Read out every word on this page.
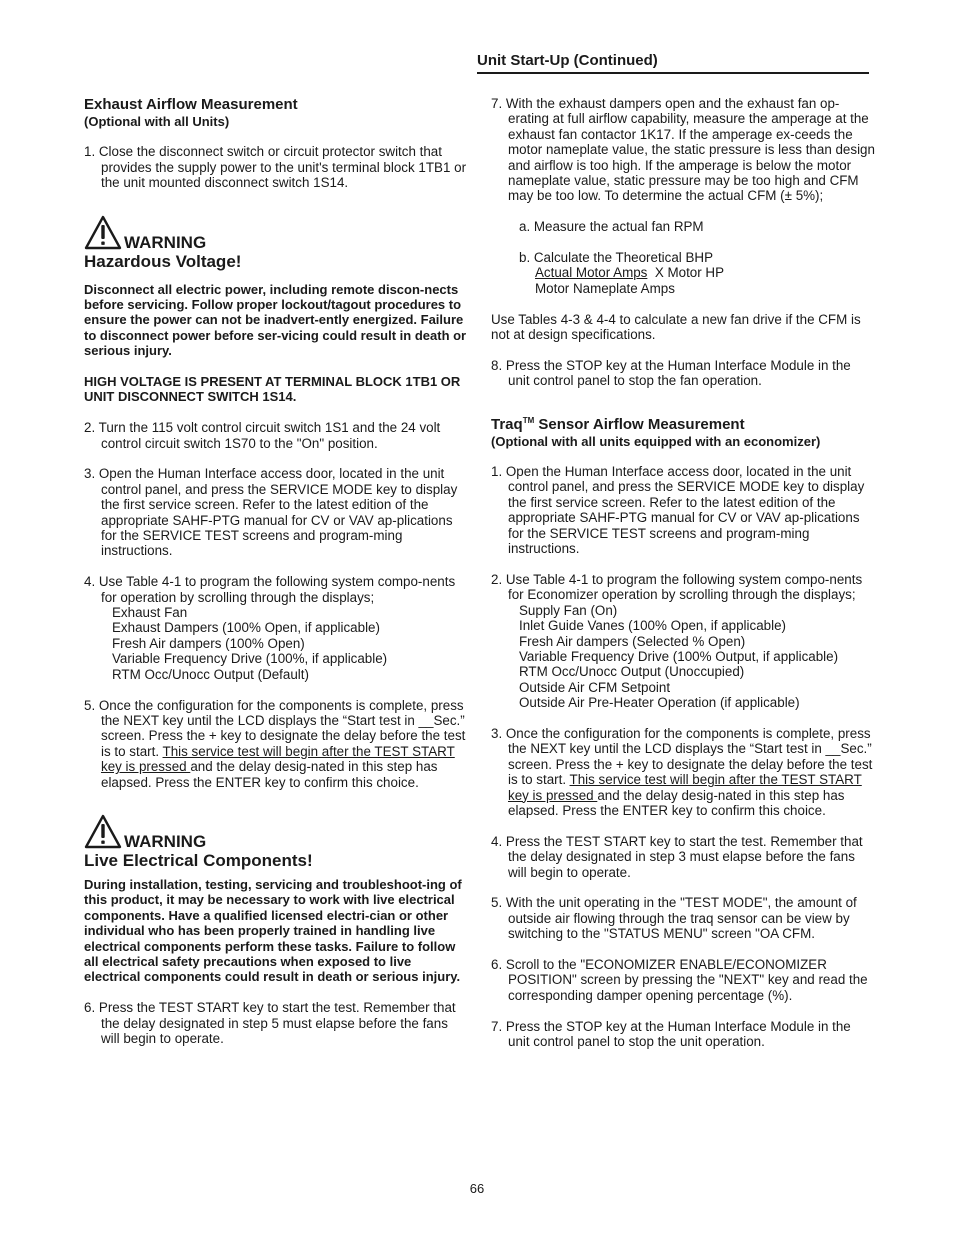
Unit Start-Up (Continued)
Exhaust Airflow Measurement
(Optional with all Units)

1. Close the disconnect switch or circuit protector switch that provides the supply power to the unit's terminal block 1TB1 or the unit mounted disconnect switch 1S14.

WARNING
Hazardous Voltage!

Disconnect all electric power, including remote discon-nects before servicing. Follow proper lockout/tagout procedures to ensure the power can not be inadvert-ently energized. Failure to disconnect power before ser-vicing could result in death or serious injury.

HIGH VOLTAGE IS PRESENT AT TERMINAL BLOCK 1TB1 OR UNIT DISCONNECT SWITCH 1S14.

2. Turn the 115 volt control circuit switch 1S1 and the 24 volt control circuit switch 1S70 to the "On" position.

3. Open the Human Interface access door, located in the unit control panel, and press the SERVICE MODE key to display the first service screen. Refer to the latest edition of the appropriate SAHF-PTG manual for CV or VAV ap-plications for the SERVICE TEST screens and program-ming instructions.

4. Use Table 4-1 to program the following system compo-nents for operation by scrolling through the displays;

Exhaust Fan
Exhaust Dampers (100% Open, if applicable)
Fresh Air dampers (100% Open)
Variable Frequency Drive (100%, if applicable)
RTM Occ/Unocc Output (Default)

5. Once the configuration for the components is complete, press the NEXT key until the LCD displays the “Start test in __Sec.” screen. Press the + key to designate the delay before the test is to start. This service test will begin after the TEST START key is pressed and the delay desig-nated in this step has elapsed. Press the ENTER key to confirm this choice.

WARNING
Live Electrical Components!

During installation, testing, servicing and troubleshoot-ing of this product, it may be necessary to work with live electrical components. Have a qualified licensed electri-cian or other individual who has been properly trained in handling live electrical components perform these tasks. Failure to follow all electrical safety precautions when exposed to live electrical components could result in death or serious injury.

6. Press the TEST START key to start the test. Remember that the delay designated in step 5 must elapse before the fans will begin to operate.

7. With the exhaust dampers open and the exhaust fan op-erating at full airflow capability, measure the amperage at the exhaust fan contactor 1K17. If the amperage ex-ceeds the motor nameplate value, the static pressure is less than design and airflow is too high. If the amperage is below the motor nameplate value, static pressure may be too high and CFM may be too low. To determine the actual CFM (± 5%);

a. Measure the actual fan RPM
b. Calculate the Theoretical BHP
Actual Motor Amps X Motor HP
Motor Nameplate Amps

Use Tables 4-3 & 4-4 to calculate a new fan drive if the CFM is not at design specifications.

8. Press the STOP key at the Human Interface Module in the unit control panel to stop the fan operation.

Traq™ Sensor Airflow Measurement
(Optional with all units equipped with an economizer)

1. Open the Human Interface access door, located in the unit control panel, and press the SERVICE MODE key to display the first service screen. Refer to the latest edition of the appropriate SAHF-PTG manual for CV or VAV ap-plications for the SERVICE TEST screens and program-ming instructions.

2. Use Table 4-1 to program the following system compo-nents for Economizer operation by scrolling through the displays;

Supply Fan (On)
Inlet Guide Vanes (100% Open, if applicable)
Fresh Air dampers (Selected % Open)
Variable Frequency Drive (100% Output, if applicable)
RTM Occ/Unocc Output (Unoccupied)
Outside Air CFM Setpoint
Outside Air Pre-Heater Operation (if applicable)

3. Once the configuration for the components is complete, press the NEXT key until the LCD displays the “Start test in __Sec.” screen. Press the + key to designate the delay before the test is to start. This service test will begin after the TEST START key is pressed and the delay desig-nated in this step has elapsed. Press the ENTER key to confirm this choice.

4. Press the TEST START key to start the test. Remember that the delay designated in step 3 must elapse before the fans will begin to operate.

5. With the unit operating in the "TEST MODE", the amount of outside air flowing through the traq sensor can be view by switching to the "STATUS MENU" screen "OA CFM.

6. Scroll to the "ECONOMIZER ENABLE/ECONOMIZER POSITION" screen by pressing the "NEXT" key and read the corresponding damper opening percentage (%).

7. Press the STOP key at the Human Interface Module in the unit control panel to stop the unit operation.

66
